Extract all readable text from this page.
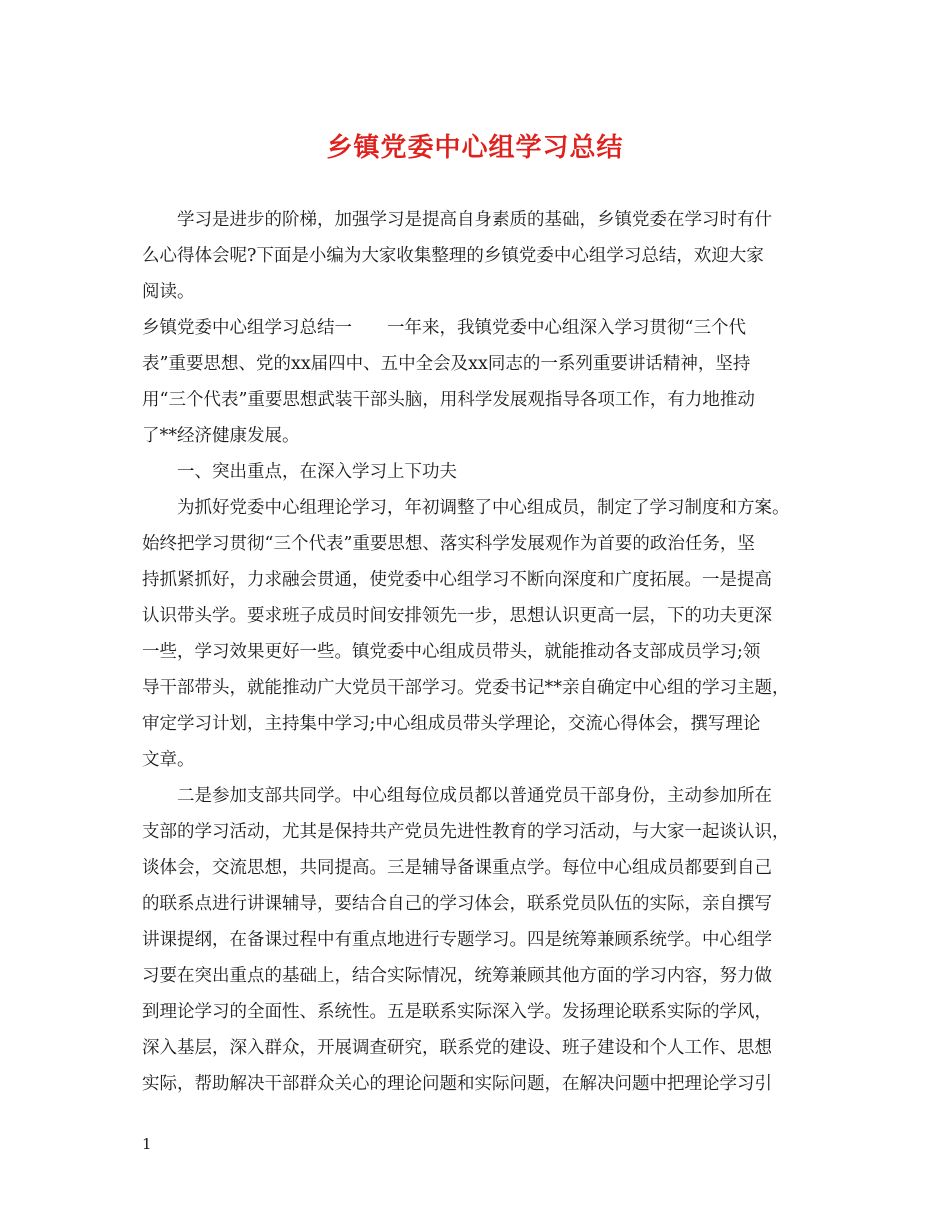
乡镇党委中心组学习总结
　　学习是进步的阶梯，加强学习是提高自身素质的基础，乡镇党委在学习时有什
么心得体会呢?下面是小编为大家收集整理的乡镇党委中心组学习总结，欢迎大家
阅读。
乡镇党委中心组学习总结一　　一年来，我镇党委中心组深入学习贯彻“三个代
表”重要思想、党的xx届四中、五中全会及xx同志的一系列重要讲话精神，坚持
用“三个代表”重要思想武装干部头脑，用科学发展观指导各项工作，有力地推动
了**经济健康发展。
　　一、突出重点，在深入学习上下功夫
　　为抓好党委中心组理论学习，年初调整了中心组成员，制定了学习制度和方案。
始终把学习贯彻“三个代表”重要思想、落实科学发展观作为首要的政治任务，坚
持抓紧抓好，力求融会贯通，使党委中心组学习不断向深度和广度拓展。一是提高
认识带头学。要求班子成员时间安排领先一步，思想认识更高一层，下的功夫更深
一些，学习效果更好一些。镇党委中心组成员带头，就能推动各支部成员学习;领
导干部带头，就能推动广大党员干部学习。党委书记**亲自确定中心组的学习主题，
审定学习计划，主持集中学习;中心组成员带头学理论，交流心得体会，撰写理论
文章。
　　二是参加支部共同学。中心组每位成员都以普通党员干部身份，主动参加所在
支部的学习活动，尤其是保持共产党员先进性教育的学习活动，与大家一起谈认识，
谈体会，交流思想，共同提高。三是辅导备课重点学。每位中心组成员都要到自己
的联系点进行讲课辅导，要结合自己的学习体会，联系党员队伍的实际，亲自撰写
讲课提纲，在备课过程中有重点地进行专题学习。四是统筹兼顾系统学。中心组学
习要在突出重点的基础上，结合实际情况，统筹兼顾其他方面的学习内容，努力做
到理论学习的全面性、系统性。五是联系实际深入学。发扬理论联系实际的学风，
深入基层，深入群众，开展调查研究，联系党的建设、班子建设和个人工作、思想
实际，帮助解决干部群众关心的理论问题和实际问题，在解决问题中把理论学习引
1
